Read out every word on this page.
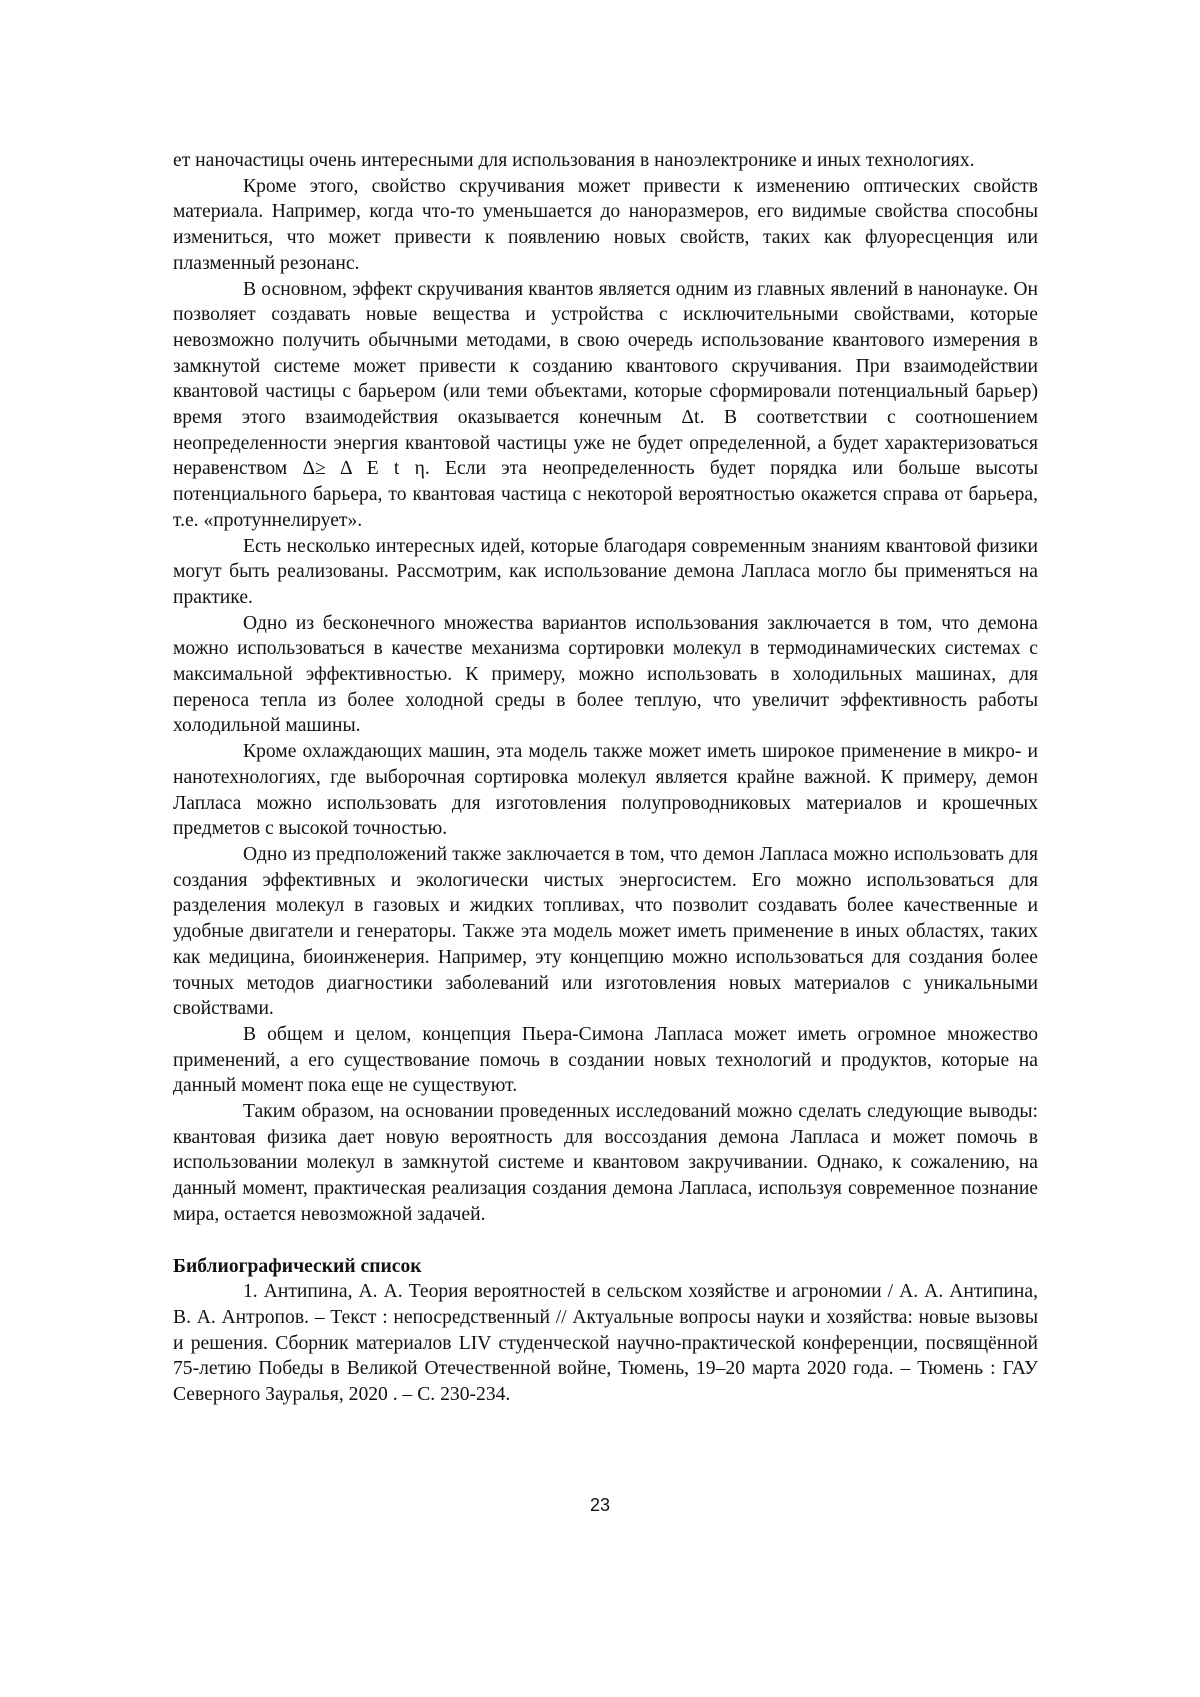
ет наночастицы очень интересными для использования в наноэлектронике и иных технологиях.

Кроме этого, свойство скручивания может привести к изменению оптических свойств материала. Например, когда что-то уменьшается до наноразмеров, его видимые свойства способны измениться, что может привести к появлению новых свойств, таких как флуоресценция или плазменный резонанс.

В основном, эффект скручивания квантов является одним из главных явлений в нанонауке. Он позволяет создавать новые вещества и устройства с исключительными свойствами, которые невозможно получить обычными методами, в свою очередь использование квантового измерения в замкнутой системе может привести к созданию квантового скручивания. При взаимодействии квантовой частицы с барьером (или теми объектами, которые сформировали потенциальный барьер) время этого взаимодействия оказывается конечным Δt. В соответствии с соотношением неопределенности энергия квантовой частицы уже не будет определенной, а будет характеризоваться неравенством Δ≥ Δ E t η. Если эта неопределенность будет порядка или больше высоты потенциального барьера, то квантовая частица с некоторой вероятностью окажется справа от барьера, т.е. «протуннелирует».

Есть несколько интересных идей, которые благодаря современным знаниям квантовой физики могут быть реализованы. Рассмотрим, как использование демона Лапласа могло бы применяться на практике.

Одно из бесконечного множества вариантов использования заключается в том, что демона можно использоваться в качестве механизма сортировки молекул в термодинамических системах с максимальной эффективностью. К примеру, можно использовать в холодильных машинах, для переноса тепла из более холодной среды в более теплую, что увеличит эффективность работы холодильной машины.

Кроме охлаждающих машин, эта модель также может иметь широкое применение в микро- и нанотехнологиях, где выборочная сортировка молекул является крайне важной. К примеру, демон Лапласа можно использовать для изготовления полупроводниковых материалов и крошечных предметов с высокой точностью.

Одно из предположений также заключается в том, что демон Лапласа можно использовать для создания эффективных и экологически чистых энергосистем. Его можно использоваться для разделения молекул в газовых и жидких топливах, что позволит создавать более качественные и удобные двигатели и генераторы. Также эта модель может иметь применение в иных областях, таких как медицина, биоинженерия. Например, эту концепцию можно использоваться для создания более точных методов диагностики заболеваний или изготовления новых материалов с уникальными свойствами.

В общем и целом, концепция Пьера-Симона Лапласа может иметь огромное множество применений, а его существование помочь в создании новых технологий и продуктов, которые на данный момент пока еще не существуют.

Таким образом, на основании проведенных исследований можно сделать следующие выводы: квантовая физика дает новую вероятность для воссоздания демона Лапласа и может помочь в использовании молекул в замкнутой системе и квантовом закручивании. Однако, к сожалению, на данный момент, практическая реализация создания демона Лапласа, используя современное познание мира, остается невозможной задачей.

Библиографический список

1. Антипина, А. А. Теория вероятностей в сельском хозяйстве и агрономии / А. А. Антипина, В. А. Антропов. – Текст : непосредственный // Актуальные вопросы науки и хозяйства: новые вызовы и решения. Сборник материалов LIV студенческой научно-практической конференции, посвящённой 75-летию Победы в Великой Отечественной войне, Тюмень, 19–20 марта 2020 года. – Тюмень : ГАУ Северного Зауралья, 2020 . – С. 230-234.

23
